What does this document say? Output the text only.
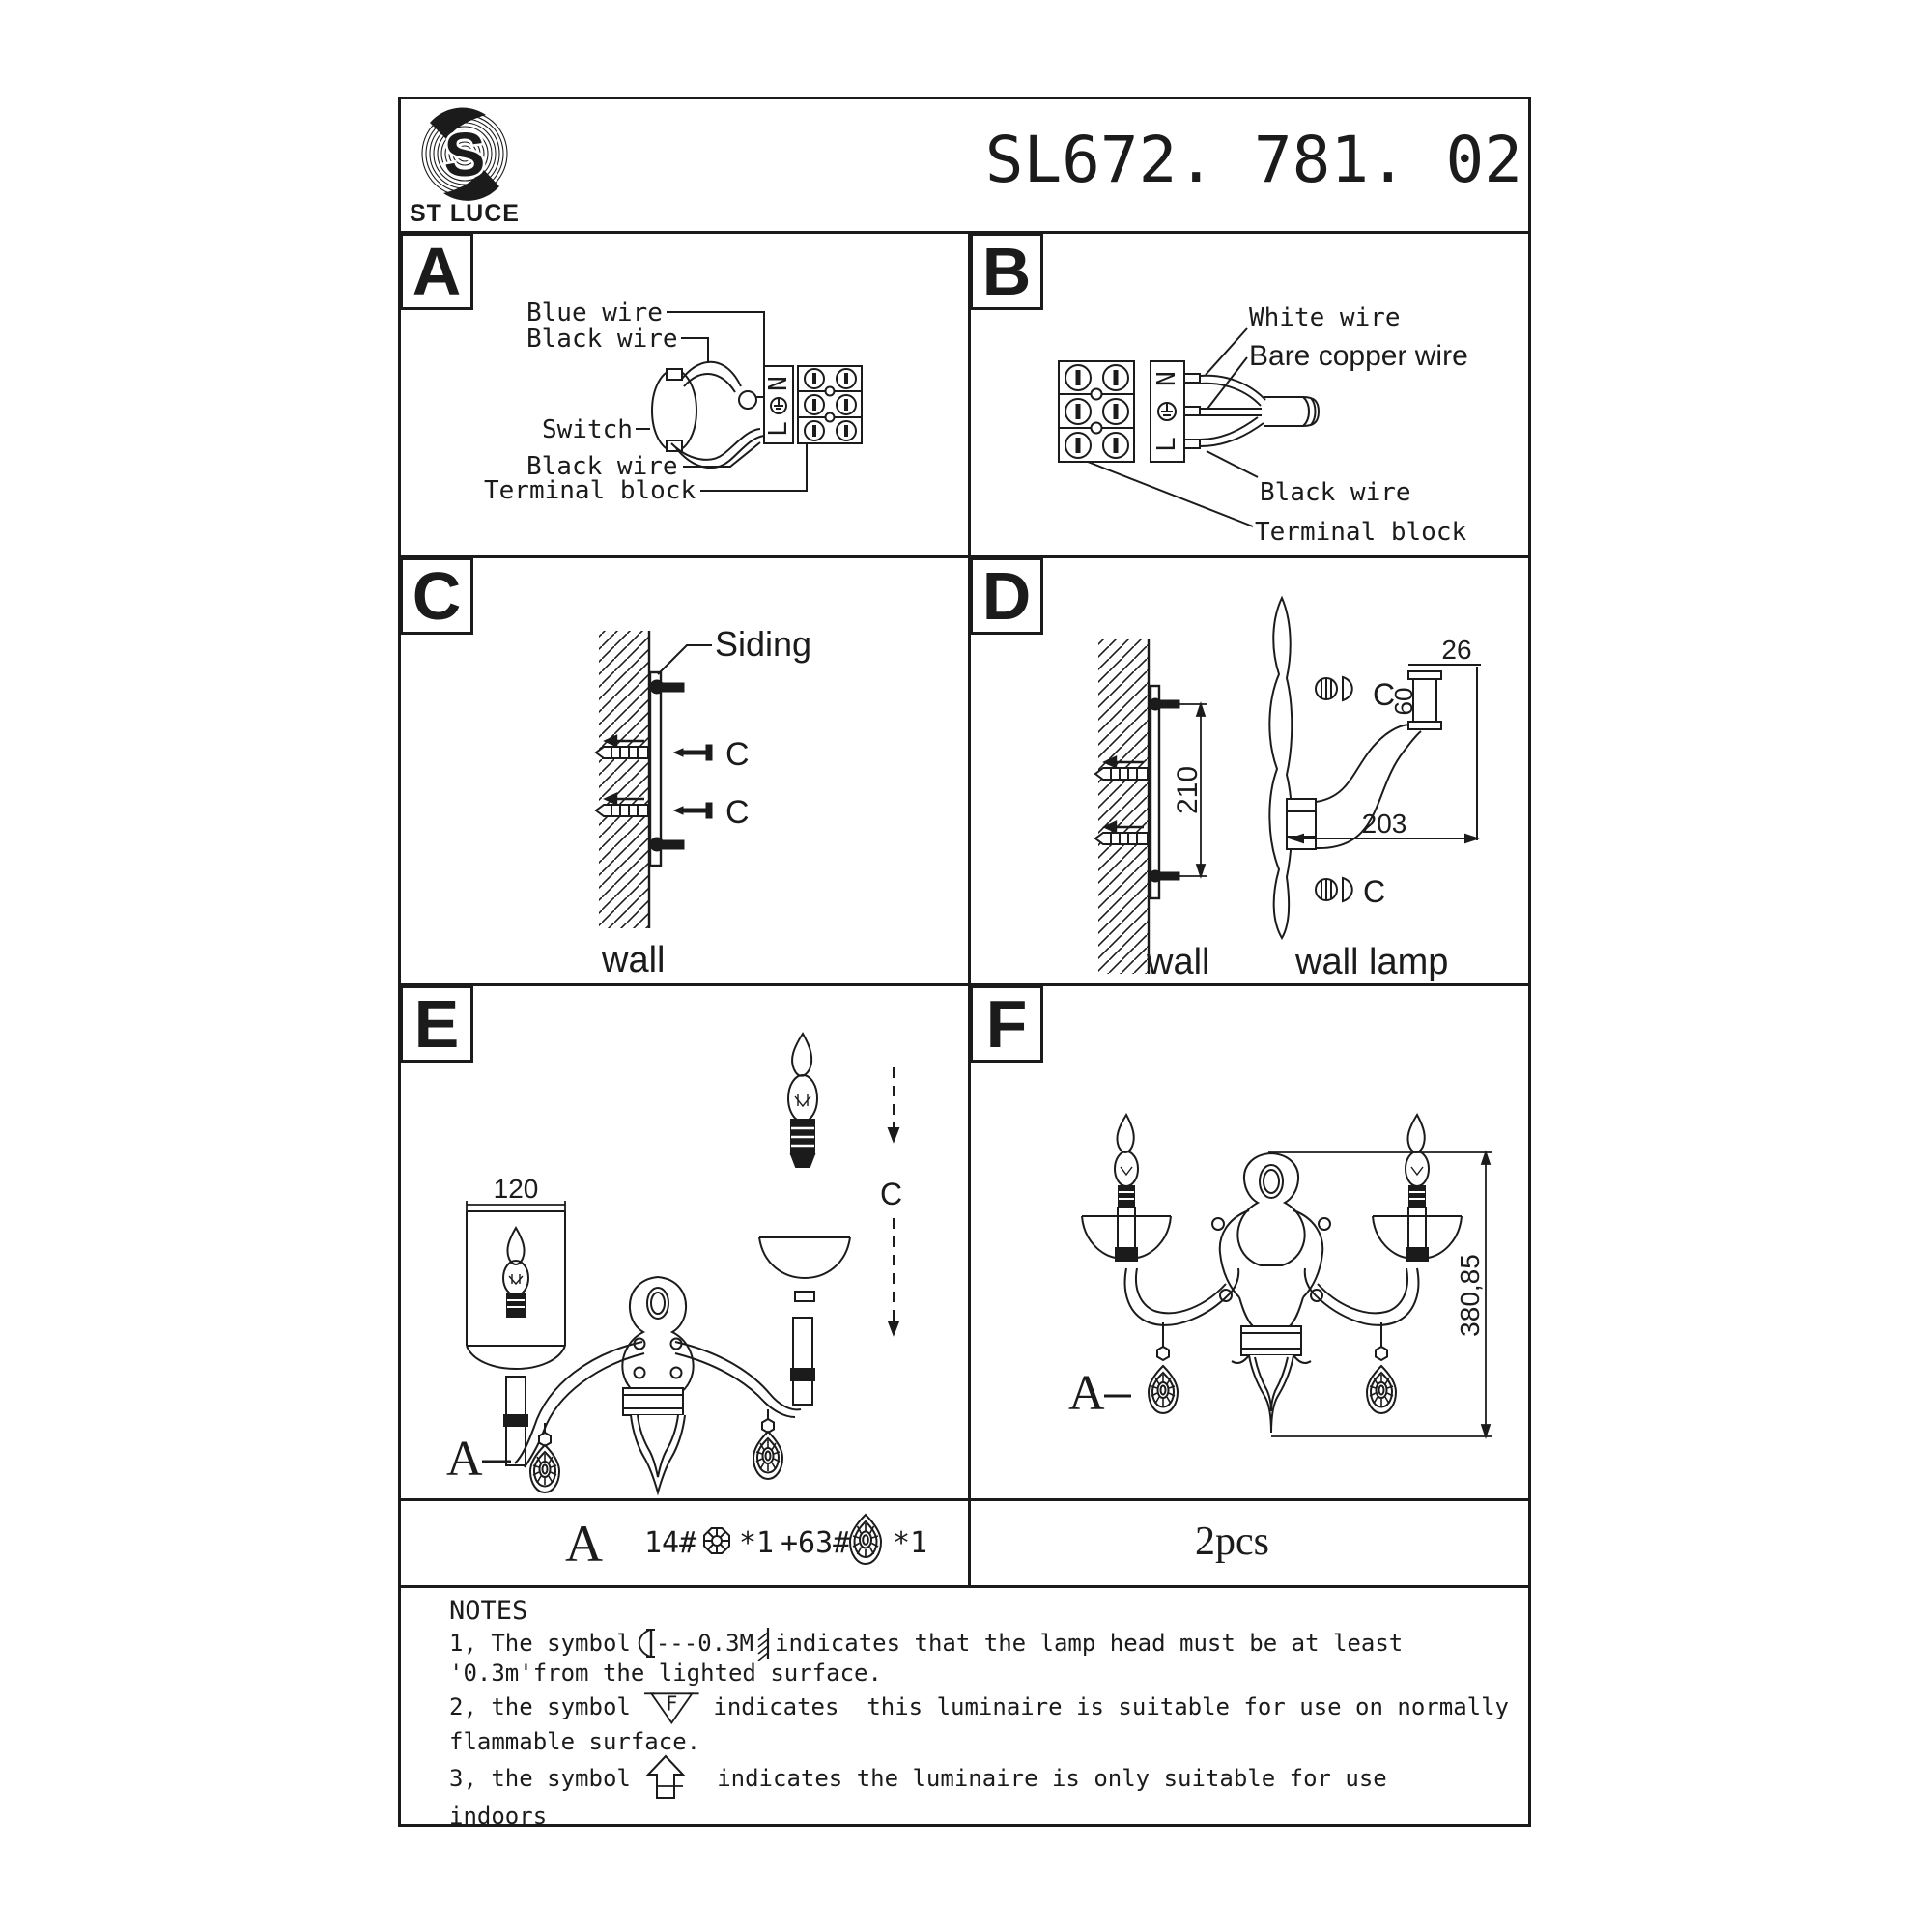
S
ST LUCE
SL672. 781. 02
Blue wire
Black wire
Switch
Black wire
Terminal block
N
L
A
White wire
Bare copper wire
Black wire
Terminal block
N
L
B
C
C
Siding
wall
C
210
26
60
203
C
C
wall wall lamp
D
120	C
A
E
380,85
A
F
A 14# *1 +63# *1	2pcs
NOTES
1, The symbol ---0.3M indicates that the lamp head must be at least
'0.3m'from the lighted surface.
2, the symbol F indicates  this luminaire is suitable for use on normally
flammable surface.
3, the symbol indicates the luminaire is only suitable for use
indoors
